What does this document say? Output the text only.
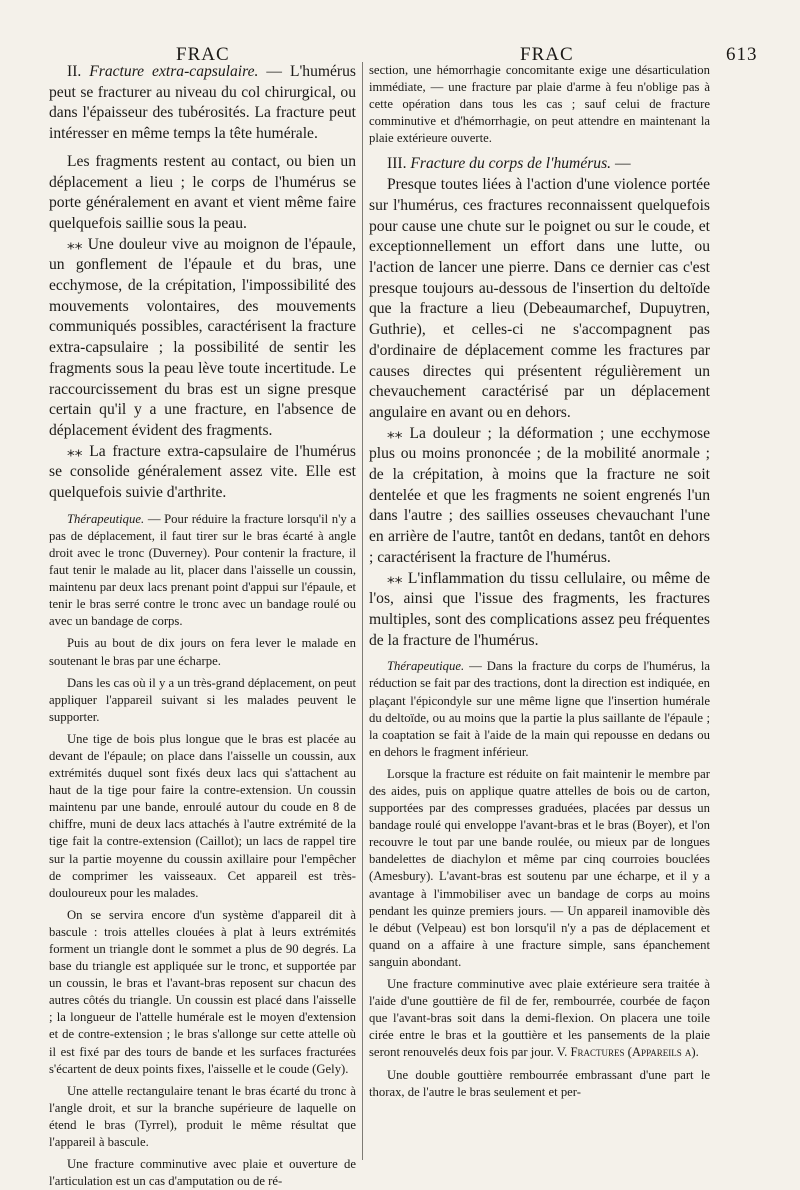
FRAC	FRAC	613

II. Fracture extra-capsulaire. — L'humérus peut se fracturer au niveau du col chirurgical, ou dans l'épaisseur des tubérosités. La fracture peut intéresser en même temps la tête humérale.

Les fragments restent au contact, ou bien un déplacement a lieu ; le corps de l'humérus se porte généralement en avant et vient même faire quelquefois saillie sous la peau.

⁎⁎ Une douleur vive au moignon de l'épaule, un gonflement de l'épaule et du bras, une ecchymose, de la crépitation, l'impossibilité des mouvements volontaires, des mouvements communiqués possibles, caractérisent la fracture extra-capsulaire ; la possibilité de sentir les fragments sous la peau lève toute incertitude. Le raccourcissement du bras est un signe presque certain qu'il y a une fracture, en l'absence de déplacement évident des fragments.

⁎⁎ La fracture extra-capsulaire de l'humérus se consolide généralement assez vite. Elle est quelquefois suivie d'arthrite.

Thérapeutique. — Pour réduire la fracture lorsqu'il n'y a pas de déplacement, il faut tirer sur le bras écarté à angle droit avec le tronc (Duverney). Pour contenir la fracture, il faut tenir le malade au lit, placer dans l'aisselle un coussin, maintenu par deux lacs prenant point d'appui sur l'épaule, et tenir le bras serré contre le tronc avec un bandage roulé ou avec un bandage de corps.

Puis au bout de dix jours on fera lever le malade en soutenant le bras par une écharpe.

Dans les cas où il y a un très-grand déplacement, on peut appliquer l'appareil suivant si les malades peuvent le supporter.

Une tige de bois plus longue que le bras est placée au devant de l'épaule; on place dans l'aisselle un coussin, aux extrémités duquel sont fixés deux lacs qui s'attachent au haut de la tige pour faire la contre-extension. Un coussin maintenu par une bande, enroulé autour du coude en 8 de chiffre, muni de deux lacs attachés à l'autre extrémité de la tige fait la contre-extension (Caillot); un lacs de rappel tire sur la partie moyenne du coussin axillaire pour l'empêcher de comprimer les vaisseaux. Cet appareil est très-douloureux pour les malades.

On se servira encore d'un système d'appareil dit à bascule : trois attelles clouées à plat à leurs extrémités forment un triangle dont le sommet a plus de 90 degrés. La base du triangle est appliquée sur le tronc, et supportée par un coussin, le bras et l'avant-bras reposent sur chacun des autres côtés du triangle. Un coussin est placé dans l'aisselle ; la longueur de l'attelle humérale est le moyen d'extension et de contre-extension ; le bras s'allonge sur cette attelle où il est fixé par des tours de bande et les surfaces fracturées s'écartent de deux points fixes, l'aisselle et le coude (Gely).

Une attelle rectangulaire tenant le bras écarté du tronc à l'angle droit, et sur la branche supérieure de laquelle on étend le bras (Tyrrel), produit le même résultat que l'appareil à bascule.

Une fracture comminutive avec plaie et ouverture de l'articulation est un cas d'amputation ou de ré-

section, une hémorrhagie concomitante exige une désarticulation immédiate, — une fracture par plaie d'arme à feu n'oblige pas à cette opération dans tous les cas ; sauf celui de fracture comminutive et d'hémorrhagie, on peut attendre en maintenant la plaie extérieure ouverte.

III. Fracture du corps de l'humérus. —

Presque toutes liées à l'action d'une violence portée sur l'humérus, ces fractures reconnaissent quelquefois pour cause une chute sur le poignet ou sur le coude, et exceptionnellement un effort dans une lutte, ou l'action de lancer une pierre. Dans ce dernier cas c'est presque toujours au-dessous de l'insertion du deltoïde que la fracture a lieu (Debeaumarchef, Dupuytren, Guthrie), et celles-ci ne s'accompagnent pas d'ordinaire de déplacement comme les fractures par causes directes qui présentent régulièrement un chevauchement caractérisé par un déplacement angulaire en avant ou en dehors.

⁎⁎ La douleur ; la déformation ; une ecchymose plus ou moins prononcée ; de la mobilité anormale ; de la crépitation, à moins que la fracture ne soit dentelée et que les fragments ne soient engrenés l'un dans l'autre ; des saillies osseuses chevauchant l'une en arrière de l'autre, tantôt en dedans, tantôt en dehors ; caractérisent la fracture de l'humérus.

⁎⁎ L'inflammation du tissu cellulaire, ou même de l'os, ainsi que l'issue des fragments, les fractures multiples, sont des complications assez peu fréquentes de la fracture de l'humérus.

Thérapeutique. — Dans la fracture du corps de l'humérus, la réduction se fait par des tractions, dont la direction est indiquée, en plaçant l'épicondyle sur une même ligne que l'insertion humérale du deltoïde, ou au moins que la partie la plus saillante de l'épaule ; la coaptation se fait à l'aide de la main qui repousse en dedans ou en dehors le fragment inférieur.

Lorsque la fracture est réduite on fait maintenir le membre par des aides, puis on applique quatre attelles de bois ou de carton, supportées par des compresses graduées, placées par dessus un bandage roulé qui enveloppe l'avant-bras et le bras (Boyer), et l'on recouvre le tout par une bande roulée, ou mieux par de longues bandelettes de diachylon et même par cinq courroies bouclées (Amesbury). L'avant-bras est soutenu par une écharpe, et il y a avantage à l'immobiliser avec un bandage de corps au moins pendant les quinze premiers jours. — Un appareil inamovible dès le début (Velpeau) est bon lorsqu'il n'y a pas de déplacement et quand on a affaire à une fracture simple, sans épanchement sanguin abondant.

Une fracture comminutive avec plaie extérieure sera traitée à l'aide d'une gouttière de fil de fer, rembourrée, courbée de façon que l'avant-bras soit dans la demi-flexion. On placera une toile cirée entre le bras et la gouttière et les pansements de la plaie seront renouvelés deux fois par jour. V. Fractures (Appareils a).

Une double gouttière rembourrée embrassant d'une part le thorax, de l'autre le bras seulement et per-
